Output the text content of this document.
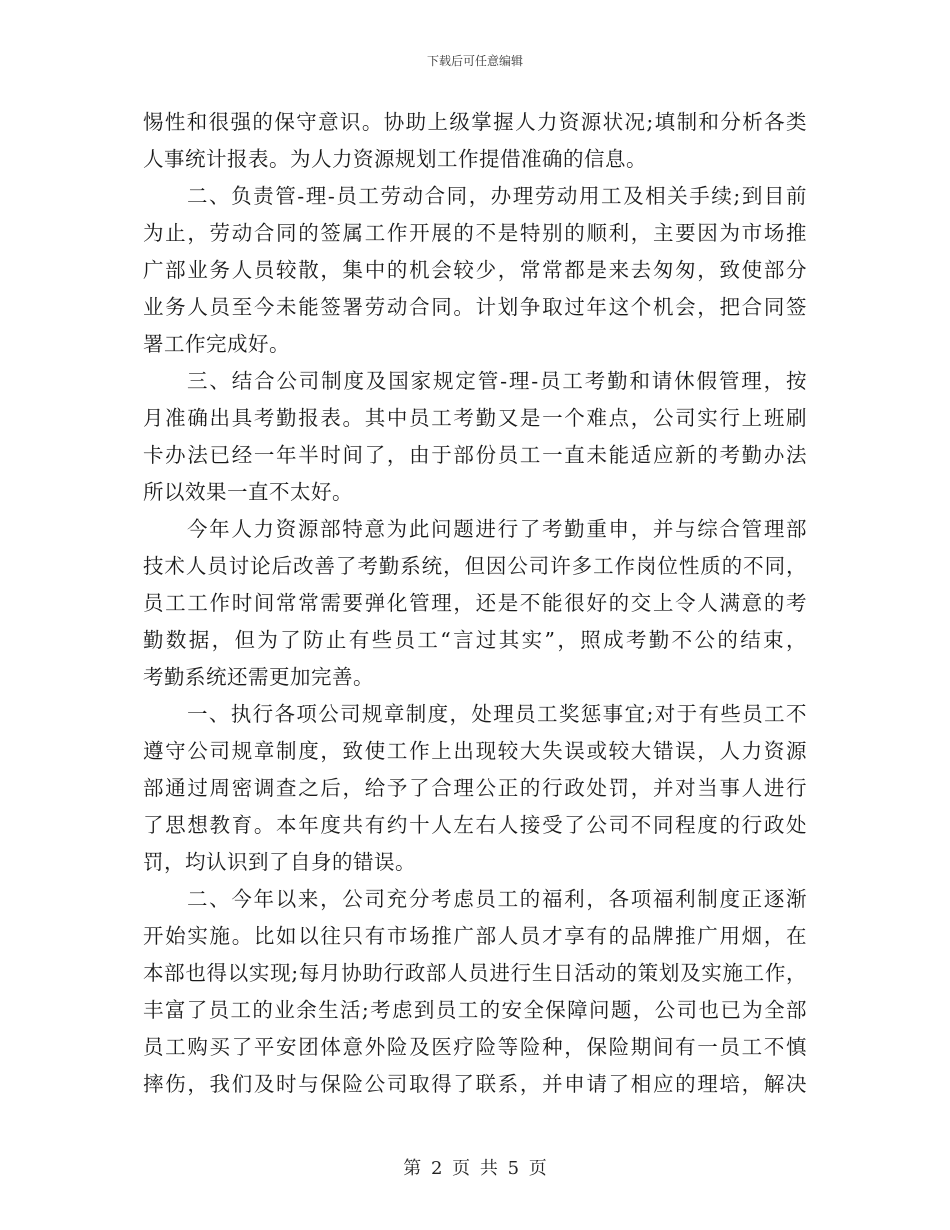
下载后可任意编辑
惕性和很强的保守意识。协助上级掌握人力资源状况;填制和分析各类
人事统计报表。为人力资源规划工作提借准确的信息。
二、负责管-理-员工劳动合同，办理劳动用工及相关手续;到目前
为止，劳动合同的签属工作开展的不是特别的顺利，主要因为市场推
广部业务人员较散，集中的机会较少，常常都是来去匆匆，致使部分
业务人员至今未能签署劳动合同。计划争取过年这个机会，把合同签
署工作完成好。
三、结合公司制度及国家规定管-理-员工考勤和请休假管理，按
月准确出具考勤报表。其中员工考勤又是一个难点，公司实行上班刷
卡办法已经一年半时间了，由于部份员工一直未能适应新的考勤办法
所以效果一直不太好。
今年人力资源部特意为此问题进行了考勤重申，并与综合管理部
技术人员讨论后改善了考勤系统，但因公司许多工作岗位性质的不同，
员工工作时间常常需要弹化管理，还是不能很好的交上令人满意的考
勤数据，但为了防止有些员工“言过其实”，照成考勤不公的结束，
考勤系统还需更加完善。
一、执行各项公司规章制度，处理员工奖惩事宜;对于有些员工不
遵守公司规章制度，致使工作上出现较大失误或较大错误，人力资源
部通过周密调查之后，给予了合理公正的行政处罚，并对当事人进行
了思想教育。本年度共有约十人左右人接受了公司不同程度的行政处
罚，均认识到了自身的错误。
二、今年以来，公司充分考虑员工的福利，各项福利制度正逐渐
开始实施。比如以往只有市场推广部人员才享有的品牌推广用烟，在
本部也得以实现;每月协助行政部人员进行生日活动的策划及实施工作，
丰富了员工的业余生活;考虑到员工的安全保障问题，公司也已为全部
员工购买了平安团体意外险及医疗险等险种，保险期间有一员工不慎
摔伤，我们及时与保险公司取得了联系，并申请了相应的理培，解决
第 2 页 共 5 页
